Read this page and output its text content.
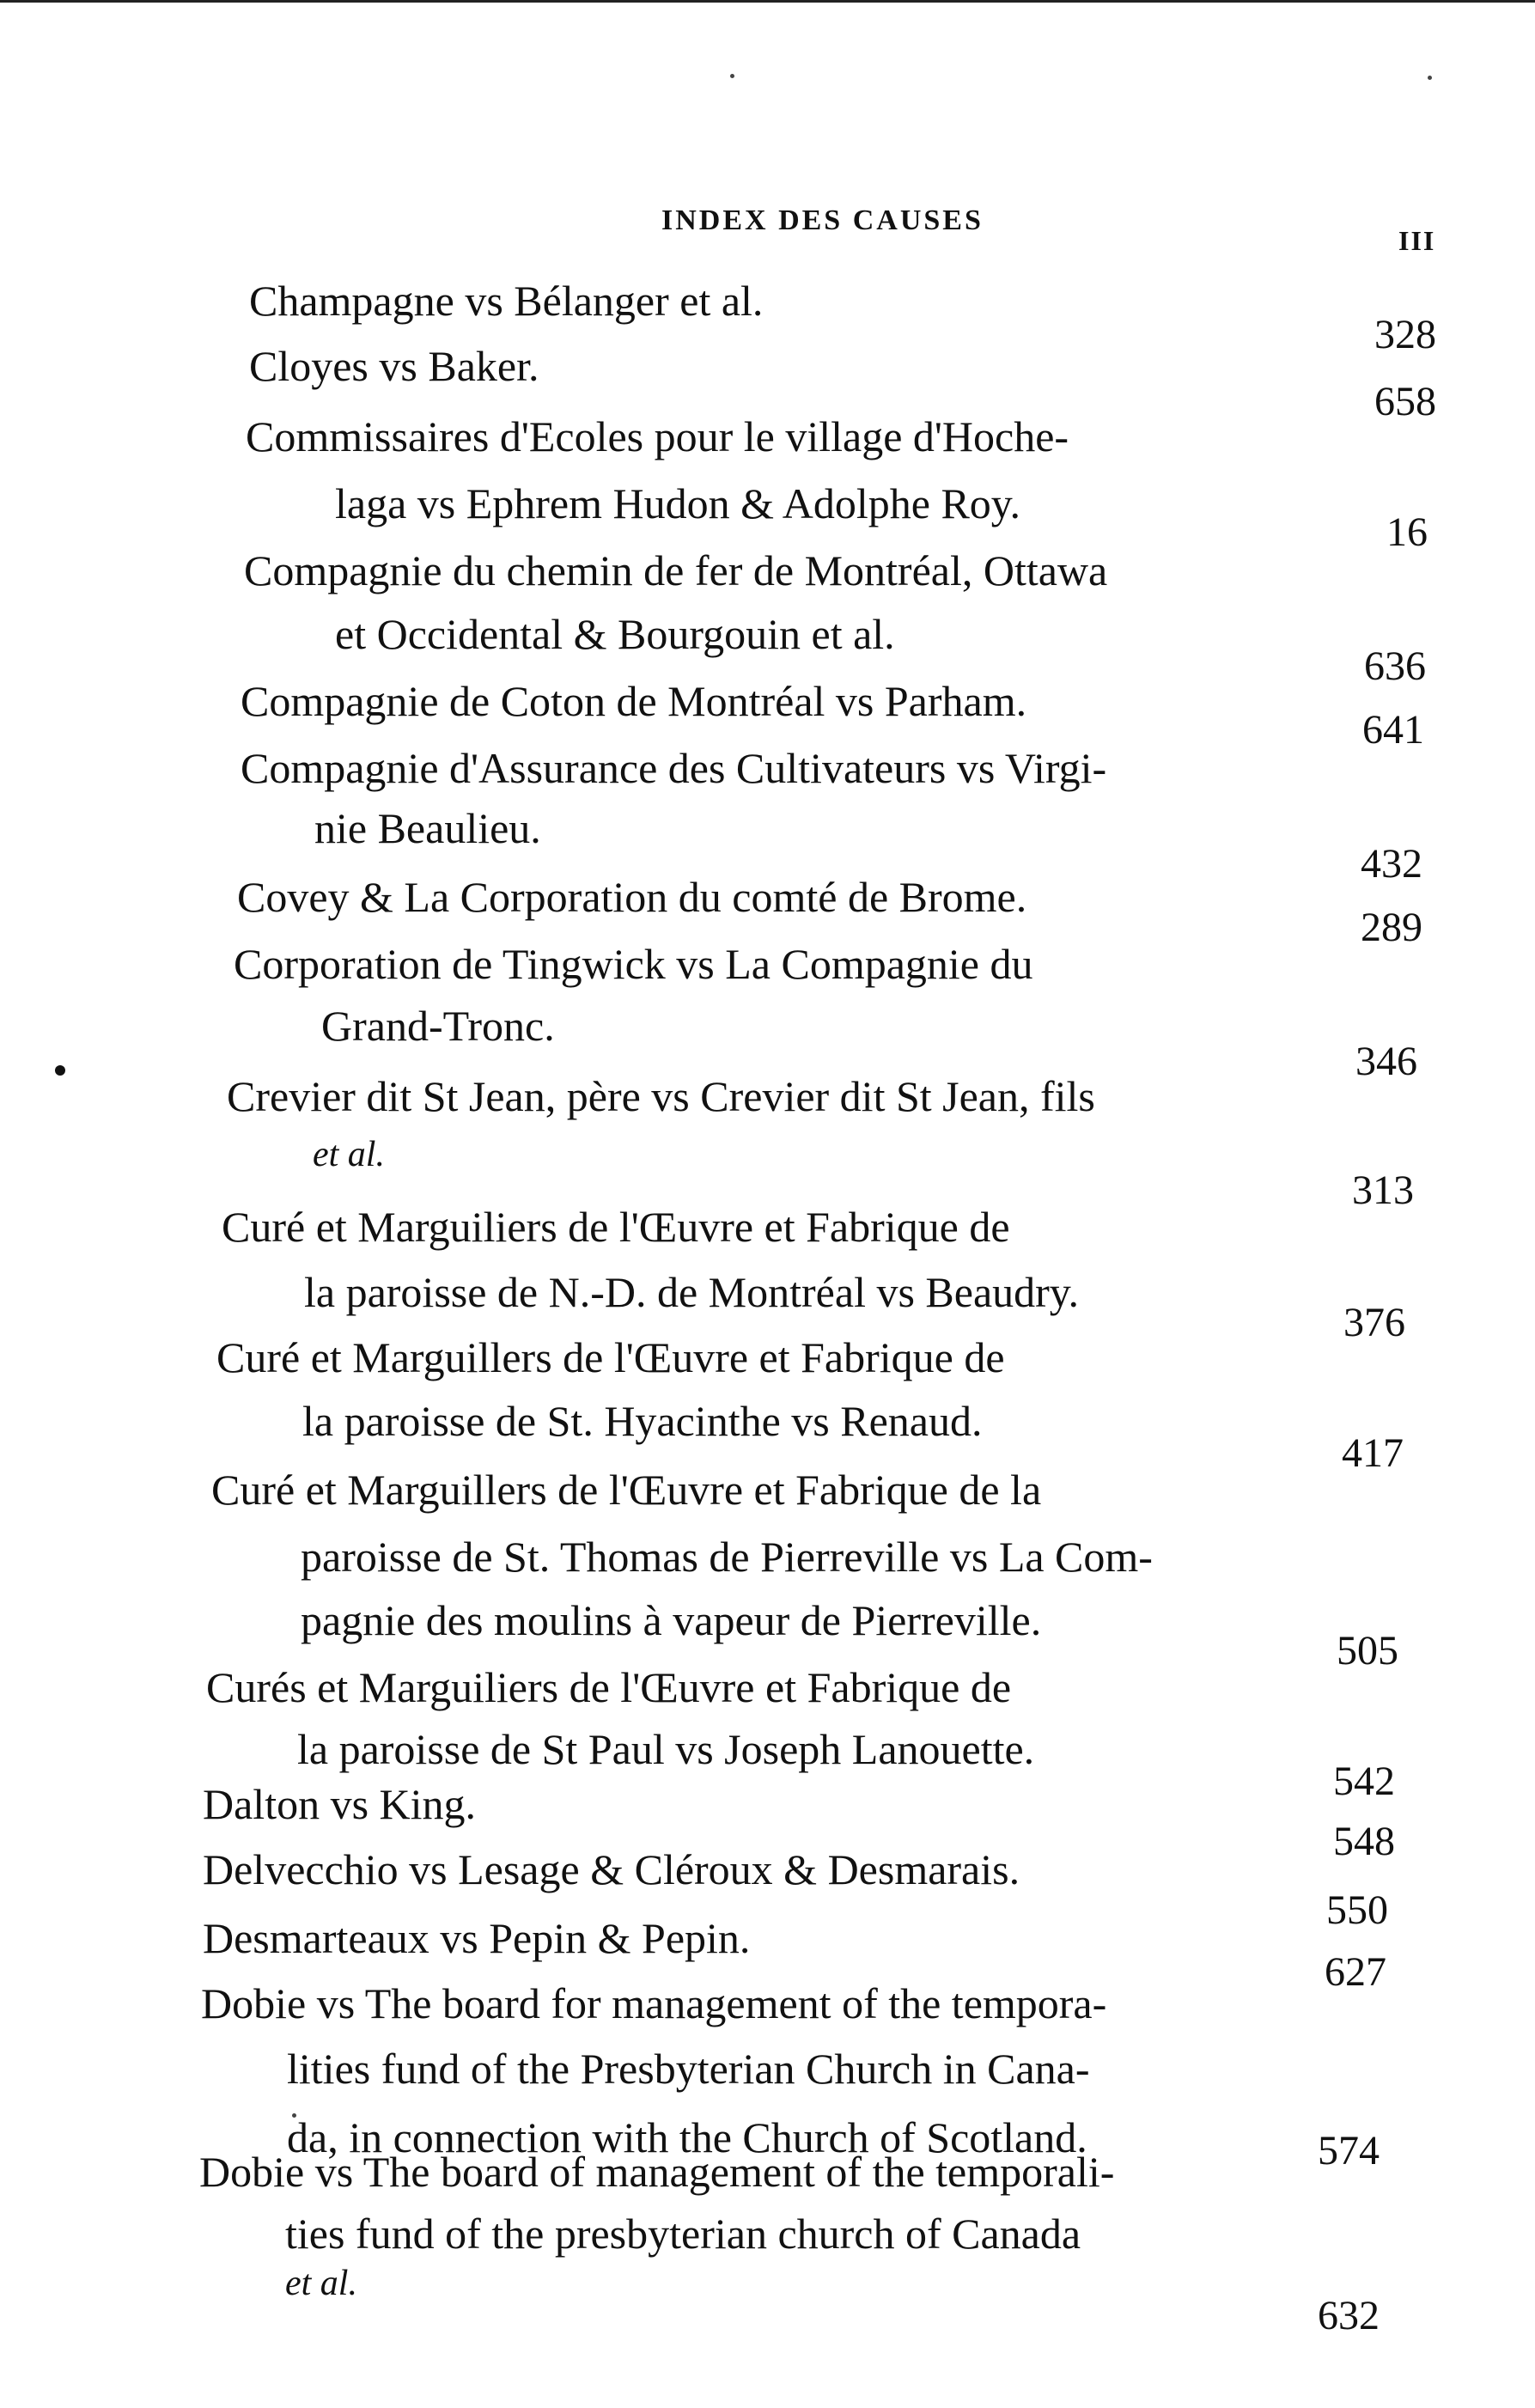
INDEX DES CAUSES
III
Champagne vs Bélanger et al.
328
Cloyes vs Baker.
658
Commissaires d'Ecoles pour le village d'Hoche-
laga vs Ephrem Hudon & Adolphe Roy.
16
Compagnie du chemin de fer de Montréal, Ottawa
et Occidental & Bourgouin et al.
636
Compagnie de Coton de Montréal vs Parham.
641
Compagnie d'Assurance des Cultivateurs vs Virgi-
nie Beaulieu.
432
Covey & La Corporation du comté de Brome.
289
Corporation de Tingwick vs La Compagnie du
Grand-Tronc.
346
Crevier dit St Jean, père vs Crevier dit St Jean, fils
et al.
313
Curé et Marguiliers de l'Œuvre et Fabrique de
la paroisse de N.-D. de Montréal vs Beaudry.
376
Curé et Marguillers de l'Œuvre et Fabrique de
la paroisse de St. Hyacinthe vs Renaud.
417
Curé et Marguillers de l'Œuvre et Fabrique de la
paroisse de St. Thomas de Pierreville vs La Com-
pagnie des moulins à vapeur de Pierreville.
505
Curés et Marguiliers de l'Œuvre et Fabrique de
la paroisse de St Paul vs Joseph Lanouette.
542
Dalton vs King.
548
Delvecchio vs Lesage & Cléroux & Desmarais.
550
Desmarteaux vs Pepin & Pepin.
627
Dobie vs The board for management of the tempora-
lities fund of the Presbyterian Church in Cana-
da, in connection with the Church of Scotland.	574
Dobie vs The board of management of the temporali-
ties fund of the presbyterian church of Canada
et al.
632
